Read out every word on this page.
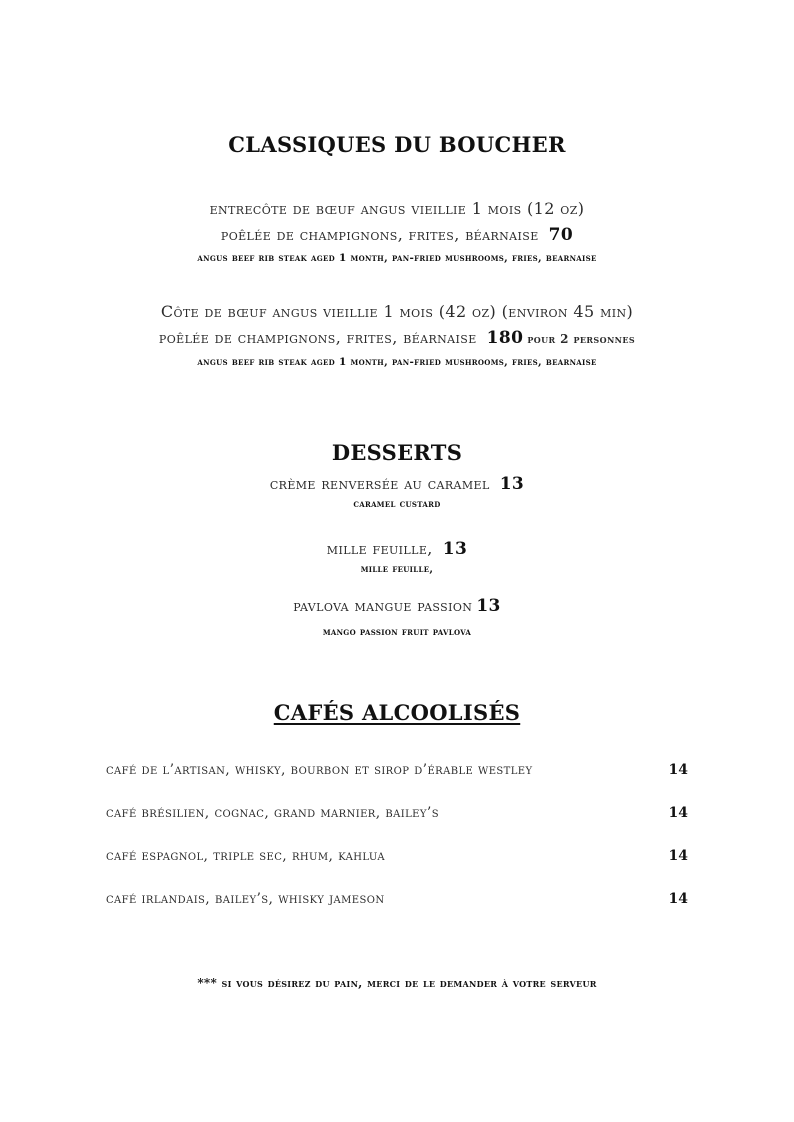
CLASSIQUES DU BOUCHER
entrecôte de bœuf angus vieillie 1 mois (12 oz)
poêlée de champignons, frites, béarnaise 70
angus beef rib steak aged 1 month, pan-fried mushrooms, fries, bearnaise
Côte de bœuf angus vieillie 1 mois (42 oz) (environ 45 min)
poêlée de champignons, frites, béarnaise 180 pour 2 personnes
angus beef rib steak aged 1 month, pan-fried mushrooms, fries, bearnaise
DESSERTS
crème renversée au caramel 13
caramel custard
mille feuille, 13
mille feuille,
pavlova mangue passion 13
mango passion fruit pavlova
CAFÉS ALCOOLISÉS
café de l’artisan, whisky, bourbon et sirop d’érable westley	14
café brésilien, cognac, grand marnier, bailey’s	14
café espagnol, triple sec, rhum, kahlua	14
café irlandais, bailey’s, whisky jameson	14
*** si vous désirez du pain, merci de le demander à votre serveur
